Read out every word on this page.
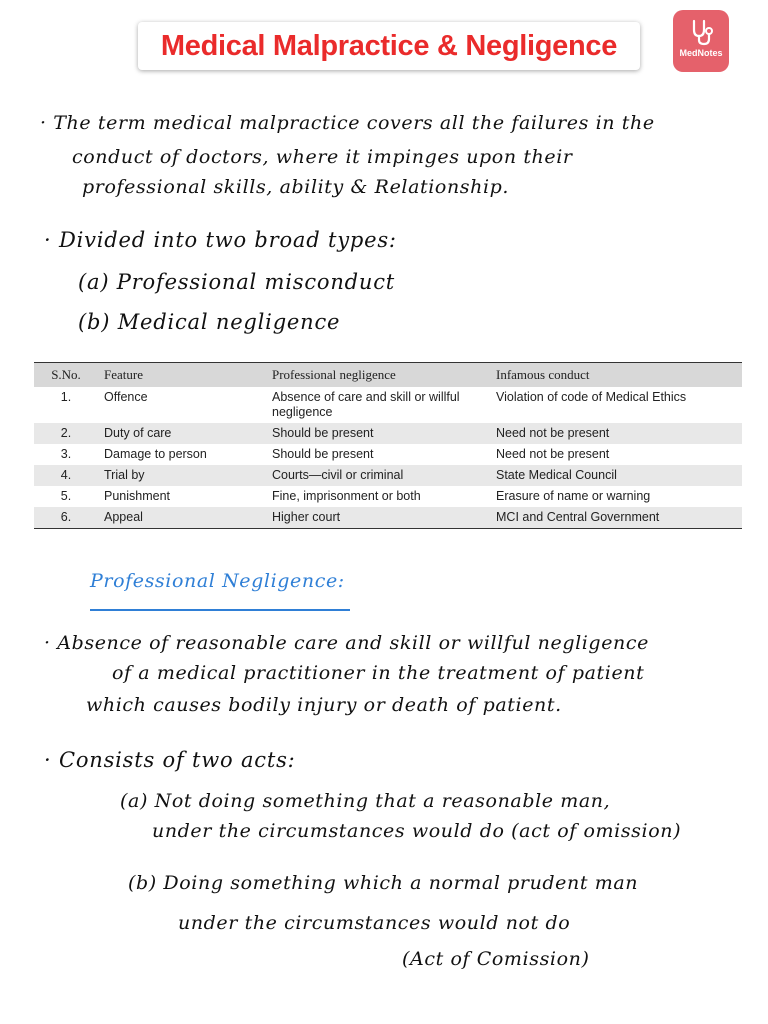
Medical Malpractice & Negligence	MedNotes
· The term medical malpractice covers all the failures in the
conduct of doctors, where it impinges upon their
professional skills, ability & Relationship.
· Divided into two broad types:
(a) Professional misconduct
(b) Medical negligence
S.No.	Feature	Professional negligence	Infamous conduct
1.	Offence	Absence of care and skill or willful negligence	Violation of code of Medical Ethics
2.	Duty of care	Should be present	Need not be present
3.	Damage to person	Should be present	Need not be present
4.	Trial by	Courts—civil or criminal	State Medical Council
5.	Punishment	Fine, imprisonment or both	Erasure of name or warning
6.	Appeal	Higher court	MCI and Central Government
Professional Negligence:
· Absence of reasonable care and skill or willful negligence
of a medical practitioner in the treatment of patient
which causes bodily injury or death of patient.
· Consists of two acts:
(a) Not doing something that a reasonable man,
under the circumstances would do (act of omission)
(b) Doing something which a normal prudent man
under the circumstances would not do
(Act of Comission)
